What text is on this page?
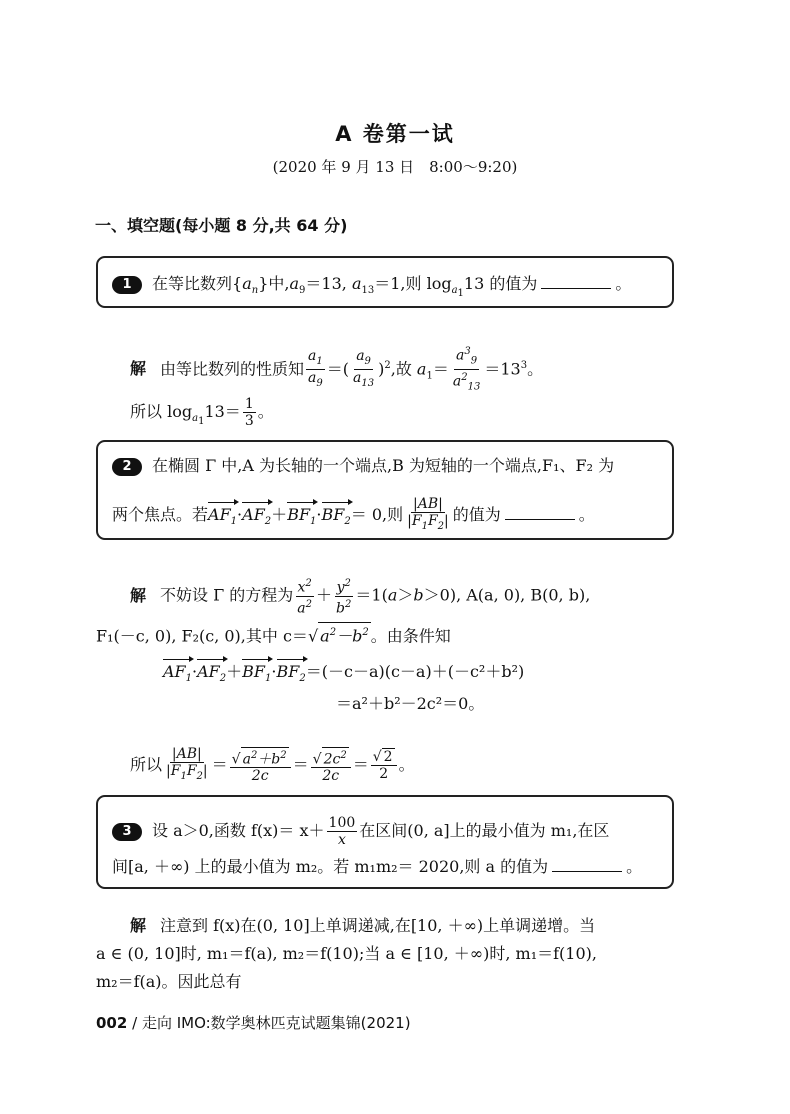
A 卷第一试
(2020 年 9 月 13 日　8:00～9:20)
一、填空题(每小题 8 分,共 64 分)
1 在等比数列$\{a_n\}$中$,a_9=13$, $a_{13}=1$,则 $\log_{a_1}13$ 的值为	。
解 由等比数列的性质知 $\frac{a_1}{a_9}$ ＝( $\frac{a_9}{a_{13}} )^2$,故 $a_1= \frac{a^3_9}{a^2_{13}} =13^3$。
所以 $\log_{a_1}13= \frac{1}{3}$ 。
2 在椭圆 Γ 中,A 为长轴的一个端点,B 为短轴的一个端点,F₁、F₂ 为
两个焦点。若$AF_1\cdot AF_2+BF_1\cdot BF_2= 0$,则 $\frac{|AB|}{|F_1F_2|}$ 的值为	。
解 不妨设 Γ 的方程为 $\frac{x^2}{a^2} + \frac{y^2}{b^2} =1(a>b>0)$, A(a, 0), B(0, b),
F₁(－c, 0), F₂(c, 0),其中 c＝√ $a^2-b^2$ 。由条件知
$AF_1\cdot AF_2+BF_1\cdot BF_2=(-c-a)(c-a)+(-c^2+b^2)$
＝a²＋b²－2c²＝0。
所以 $\frac{|AB|}{|F_1F_2|} = \frac{√ a^2+b^2}{2c} = \frac{√ 2c^2}{2c} = \frac{√ 2}{2}$ 。
3 设 a＞0,函数 $f(x)= x+ \frac{100}{x}$ 在区间(0, a]上的最小值为 m₁,在区
间[a, ＋∞) 上的最小值为 m₂。若 m₁m₂＝ 2020,则 a 的值为	。
解 注意到 f(x)在(0, 10]上单调递减,在[10, ＋∞)上单调递增。当
a ∈ (0, 10]时, m₁＝f(a), m₂＝f(10);当 a ∈ [10, ＋∞)时, m₁＝f(10),
m₂＝f(a)。因此总有
002 / 走向 IMO:数学奥林匹克试题集锦(2021)
